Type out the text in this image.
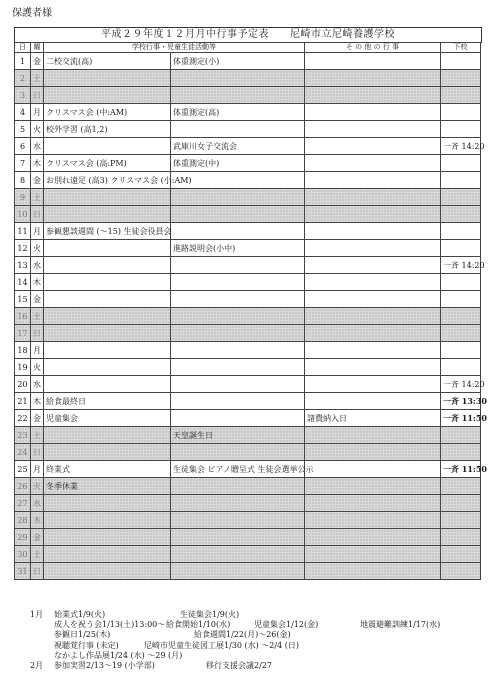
保護者様
平成２９年度１２月月中行事予定表　　尼崎市立尼崎養護学校
日	曜	学校行事・児童生徒活動等		そ の 他 の 行 事	下校
1	金	二校交流(高)	体重測定(小)		
2	土				
3	日				
4	月	クリスマス会 (中:AM)	体重測定(高)		
5	火	校外学習 (高1,2)			
6	水		武庫川女子交流会		一斉 14:20
7	木	クリスマス会 (高:PM)	体重測定(中)		
8	金	お別れ遠足 (高3) クリスマス会 (小:AM)			
9	土				
10	日				
11	月	参観懇談週間 (～15) 生徒会役員会			
12	火		進路説明会(小中)		
13	水				一斉 14:20
14	木				
15	金				
16	土				
17	日				
18	月				
19	火				
20	水				一斉 14:20
21	木	給食最終日			一斉 13:30
22	金	児童集会		諸費納入日	一斉 11:50
23	土		天皇誕生日		
24	日				
25	月	終業式	生徒集会 ピアノ贈呈式 生徒会選挙公示		一斉 11:50
26	火	冬季休業			
27	水				
28	木				
29	金				
30	土				
31	日				
1月 始業式1/9(火)	生徒集会1/9(火)
成人を祝う会1/13(土)13:00～ 給食開始1/10(水)	児童集会1/12(金)	地震避難訓練1/17(水)
参観日1/25(木)	給食週間1/22(月)～26(金)
視聴覚行事 (未定)	尼崎市児童生徒図工展1/30 (水) ～2/4 (日)
なかよし作品展1/24 (水) ～29 (月)
2月 参加実習2/13～19 (小学部)	移行支援会議2/27
